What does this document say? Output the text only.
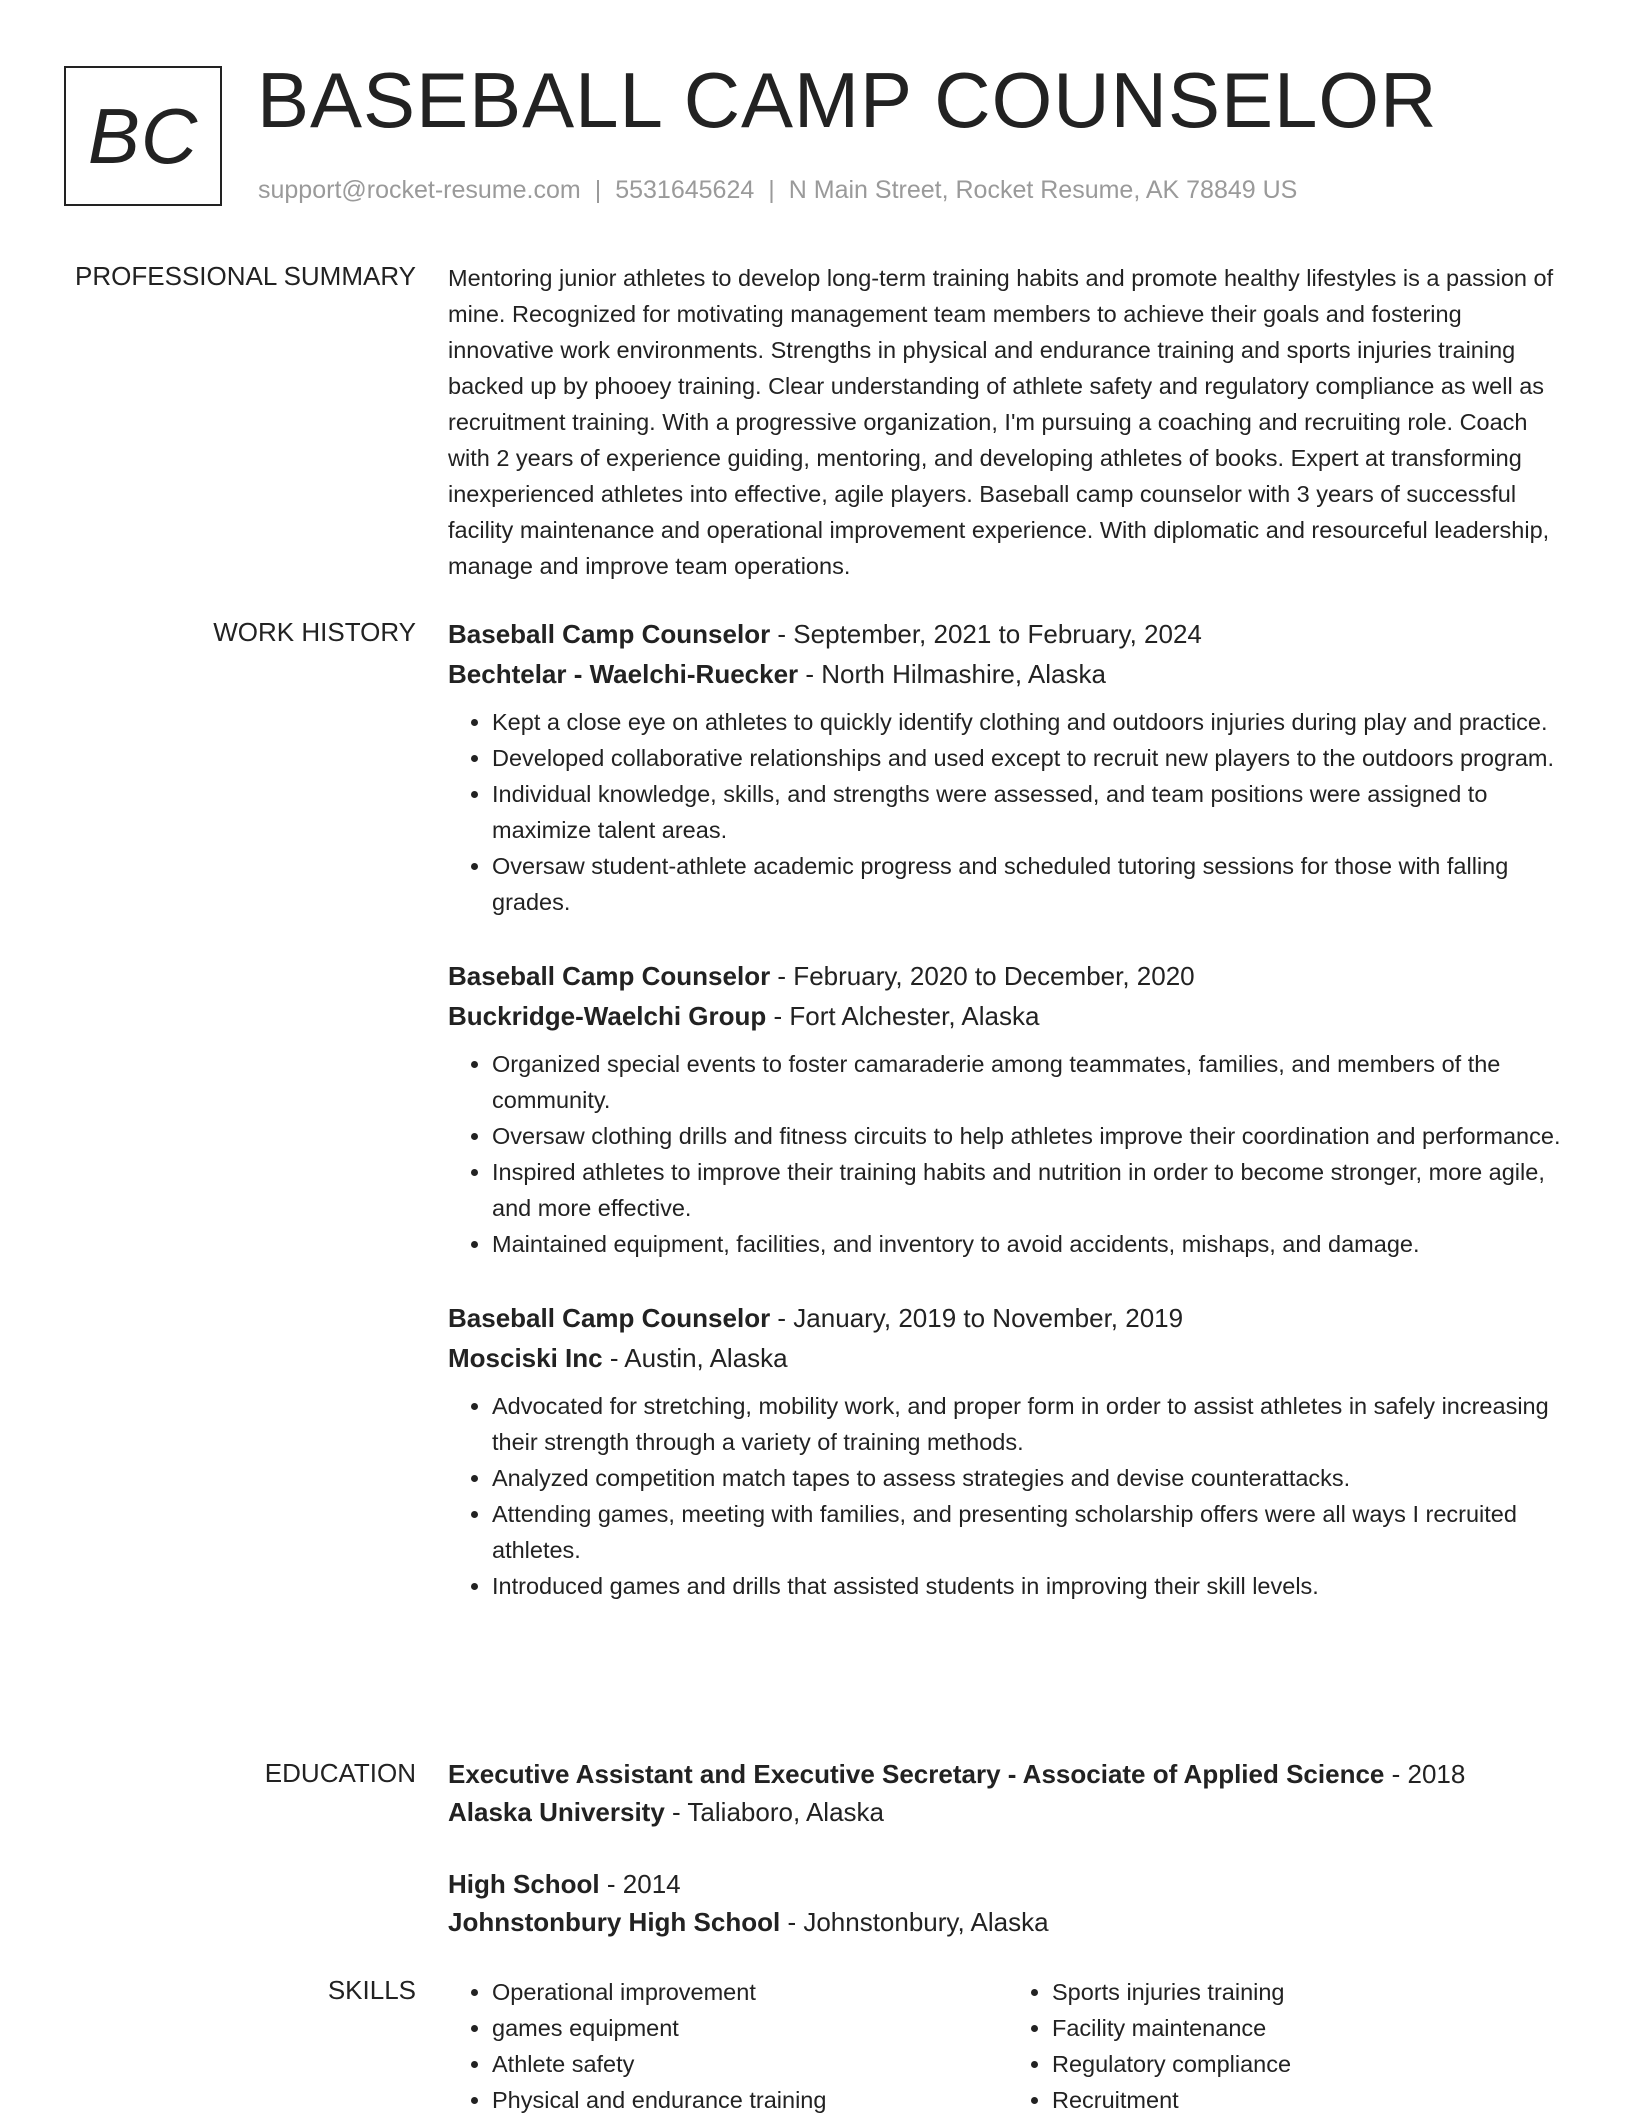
BC BASEBALL CAMP COUNSELOR
support@rocket-resume.com | 5531645624 | N Main Street, Rocket Resume, AK 78849 US
PROFESSIONAL SUMMARY Mentoring junior athletes to develop long-term training habits and promote healthy lifestyles is a passion of mine. Recognized for motivating management team members to achieve their goals and fostering innovative work environments. Strengths in physical and endurance training and sports injuries training backed up by phooey training. Clear understanding of athlete safety and regulatory compliance as well as recruitment training. With a progressive organization, I'm pursuing a coaching and recruiting role. Coach with 2 years of experience guiding, mentoring, and developing athletes of books. Expert at transforming inexperienced athletes into effective, agile players. Baseball camp counselor with 3 years of successful facility maintenance and operational improvement experience. With diplomatic and resourceful leadership, manage and improve team operations.

WORK HISTORY Baseball Camp Counselor - September, 2021 to February, 2024
Bechtelar - Waelchi-Ruecker - North Hilmashire, Alaska
• Kept a close eye on athletes to quickly identify clothing and outdoors injuries during play and practice.
• Developed collaborative relationships and used except to recruit new players to the outdoors program.
• Individual knowledge, skills, and strengths were assessed, and team positions were assigned to maximize talent areas.
• Oversaw student-athlete academic progress and scheduled tutoring sessions for those with falling grades.
Baseball Camp Counselor - February, 2020 to December, 2020
Buckridge-Waelchi Group - Fort Alchester, Alaska
• Organized special events to foster camaraderie among teammates, families, and members of the community.
• Oversaw clothing drills and fitness circuits to help athletes improve their coordination and performance.
• Inspired athletes to improve their training habits and nutrition in order to become stronger, more agile, and more effective.
• Maintained equipment, facilities, and inventory to avoid accidents, mishaps, and damage.
Baseball Camp Counselor - January, 2019 to November, 2019
Mosciski Inc - Austin, Alaska
• Advocated for stretching, mobility work, and proper form in order to assist athletes in safely increasing their strength through a variety of training methods.
• Analyzed competition match tapes to assess strategies and devise counterattacks.
• Attending games, meeting with families, and presenting scholarship offers were all ways I recruited athletes.
• Introduced games and drills that assisted students in improving their skill levels.
EDUCATION Executive Assistant and Executive Secretary - Associate of Applied Science - 2018
Alaska University - Taliaboro, Alaska
High School - 2014
Johnstonbury High School - Johnstonbury, Alaska
SKILLS
•	Operational improvement
• games equipment
• Athlete safety
• Physical and endurance training
• Sports injuries training
• Facility maintenance
• Regulatory compliance
• Recruitment
